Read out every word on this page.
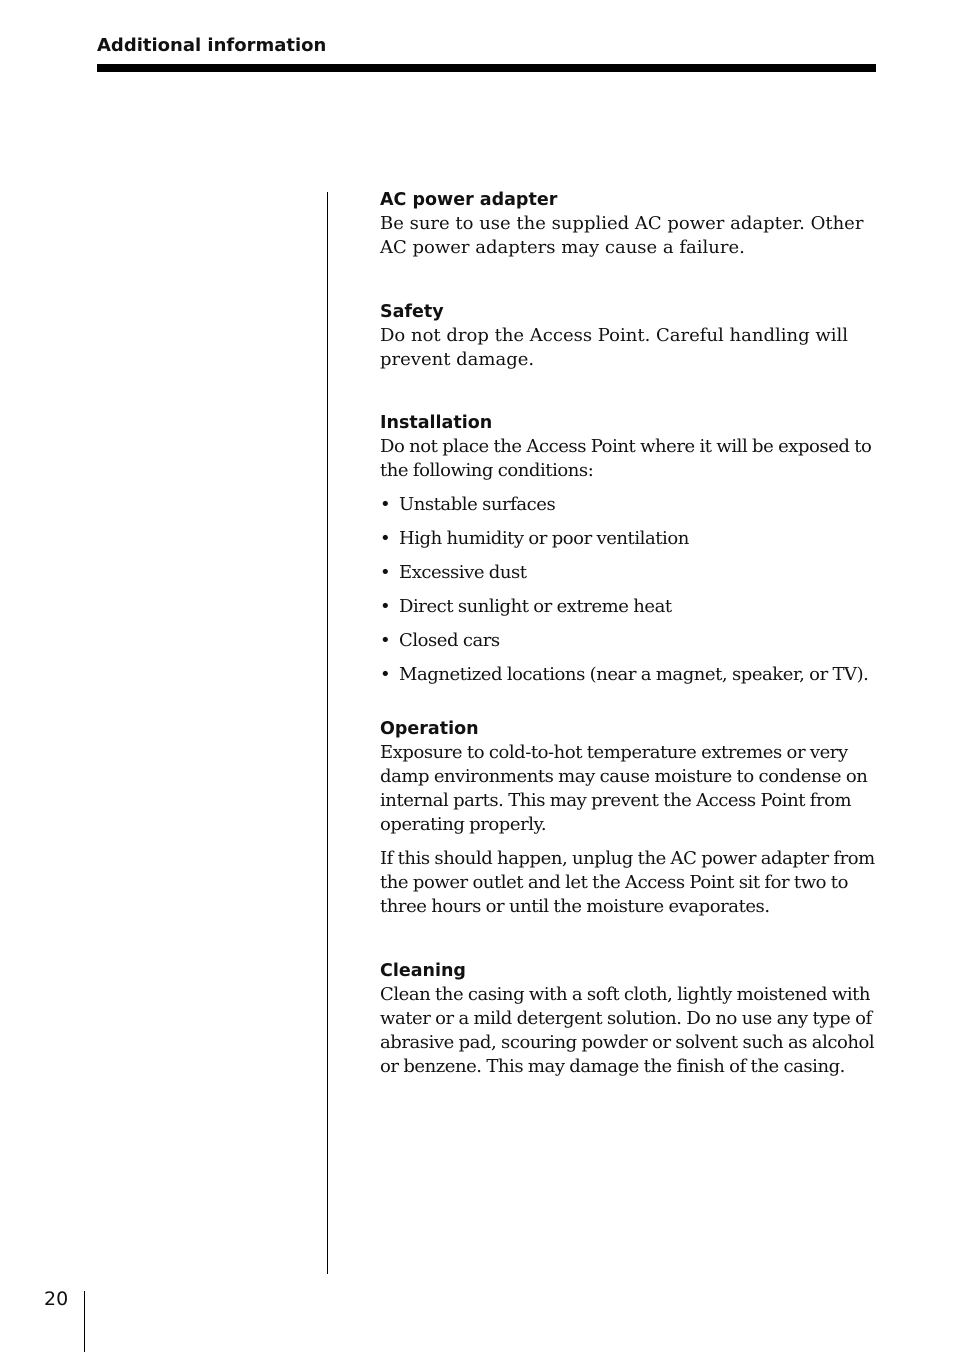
Additional information
AC power adapter

Be sure to use the supplied AC power adapter. Other AC power adapters may cause a failure.

Safety

Do not drop the Access Point. Careful handling will prevent damage.

Installation

Do not place the Access Point where it will be exposed to the following conditions:

• Unstable surfaces
• High humidity or poor ventilation
• Excessive dust
• Direct sunlight or extreme heat
• Closed cars
• Magnetized locations (near a magnet, speaker, or TV).
Operation

Exposure to cold-to-hot temperature extremes or very damp environments may cause moisture to condense on internal parts. This may prevent the Access Point from operating properly.

If this should happen, unplug the AC power adapter from the power outlet and let the Access Point sit for two to three hours or until the moisture evaporates.

Cleaning

Clean the casing with a soft cloth, lightly moistened with water or a mild detergent solution. Do no use any type of abrasive pad, scouring powder or solvent such as alcohol or benzene. This may damage the finish of the casing.

20
